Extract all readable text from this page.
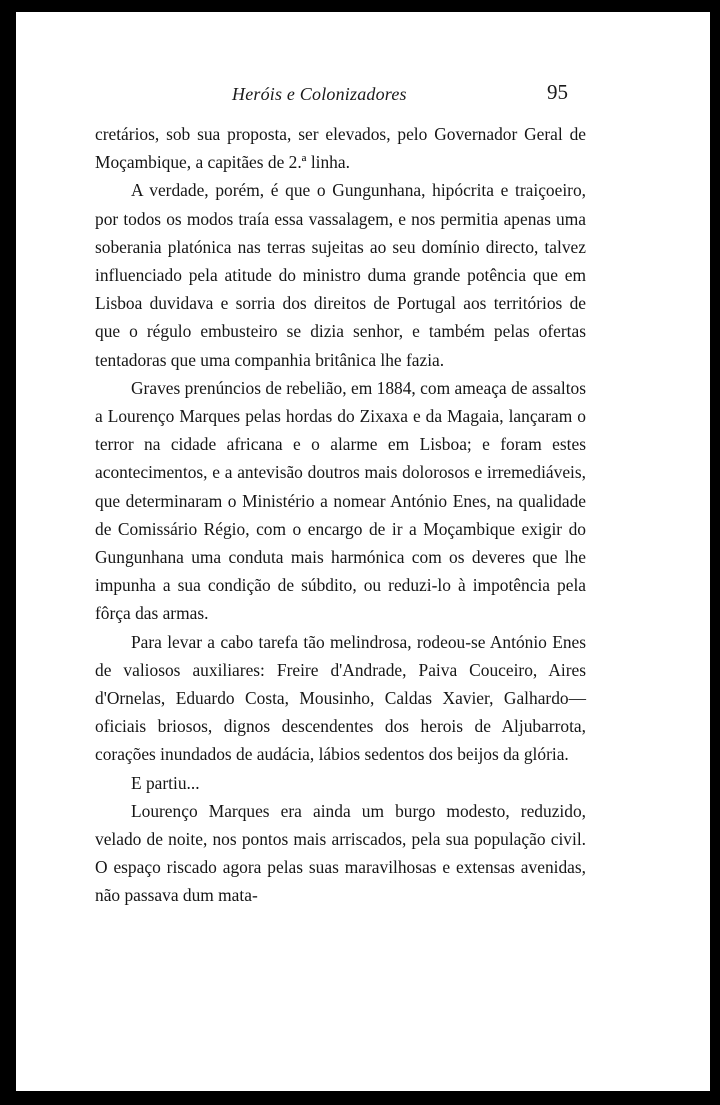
Heróis e Colonizadores	95

cretários, sob sua proposta, ser elevados, pelo Governador Geral de Moçambique, a capitães de 2.ª linha.

A verdade, porém, é que o Gungunhana, hipócrita e traiçoeiro, por todos os modos traía essa vassalagem, e nos permitia apenas uma soberania platónica nas terras sujeitas ao seu domínio directo, talvez influenciado pela atitude do ministro duma grande potência que em Lisboa duvidava e sorria dos direitos de Portugal aos territórios de que o régulo embusteiro se dizia senhor, e também pelas ofertas tentadoras que uma companhia britânica lhe fazia.

Graves prenúncios de rebelião, em 1884, com ameaça de assaltos a Lourenço Marques pelas hordas do Zixaxa e da Magaia, lançaram o terror na cidade africana e o alarme em Lisboa; e foram estes acontecimentos, e a antevisão doutros mais dolorosos e irremediáveis, que determinaram o Ministério a nomear António Enes, na qualidade de Comissário Régio, com o encargo de ir a Moçambique exigir do Gungunhana uma conduta mais harmónica com os deveres que lhe impunha a sua condição de súbdito, ou reduzi-lo à impotência pela fôrça das armas.

Para levar a cabo tarefa tão melindrosa, rodeou-se António Enes de valiosos auxiliares: Freire d'Andrade, Paiva Couceiro, Aires d'Ornelas, Eduardo Costa, Mousinho, Caldas Xavier, Galhardo— oficiais briosos, dignos descendentes dos herois de Aljubarrota, corações inundados de audácia, lábios sedentos dos beijos da glória.

E partiu...

Lourenço Marques era ainda um burgo modesto, reduzido, velado de noite, nos pontos mais arriscados, pela sua população civil. O espaço riscado agora pelas suas maravilhosas e extensas avenidas, não passava dum mata-
